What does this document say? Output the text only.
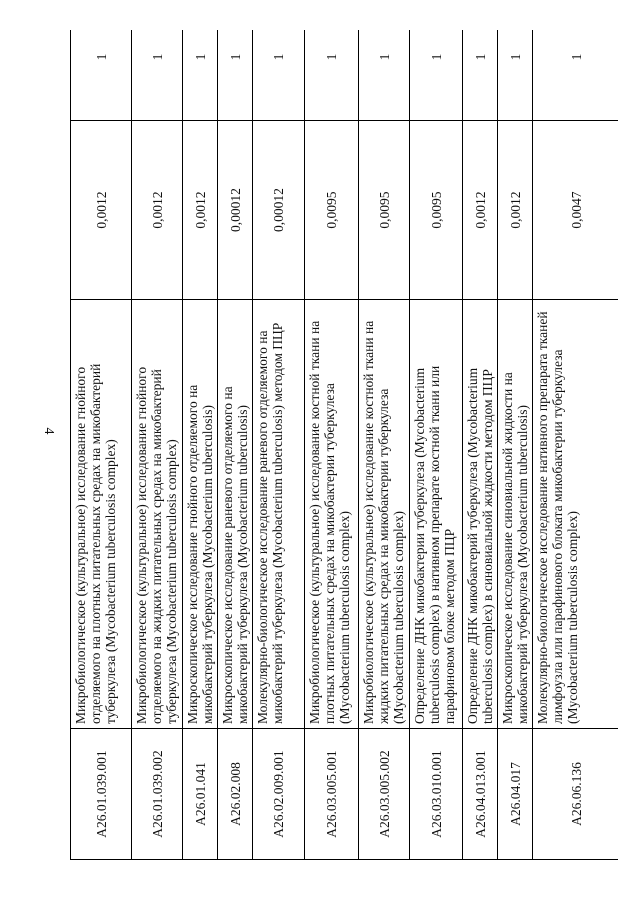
4
A26.01.039.001	Микробиологическое (культуральное) исследование гнойного отделяемого на плотных питательных средах на микобактерий туберкулеза (Mycobacterium tuberculosis complex)	0,0012	1
A26.01.039.002	Микробиологическое (культуральное) исследование гнойного отделяемого на жидких питательных средах на микобактерий туберкулеза (Mycobacterium tuberculosis complex)	0,0012	1
A26.01.041	Микроскопическое исследование гнойного отделяемого на микобактерий туберкулеза (Mycobacterium tuberculosis)	0,0012	1
A26.02.008	Микроскопическое исследование раневого отделяемого на микобактерий туберкулеза (Mycobacterium tuberculosis)	0,00012	1
A26.02.009.001	Молекулярно-биологическое исследование раневого отделяемого на микобактерий туберкулеза (Mycobacterium tuberculosis) методом ПЦР	0,00012	1
A26.03.005.001	Микробиологическое (культуральное) исследование костной ткани на плотных питательных средах на микобактерии туберкулеза (Mycobacterium tuberculosis complex)	0,0095	1
A26.03.005.002	Микробиологическое (культуральное) исследование костной ткани на жидких питательных средах на микобактерии туберкулеза (Mycobacterium tuberculosis complex)	0,0095	1
A26.03.010.001	Определение ДНК микобактерии туберкулеза (Mycobacterium tuberculosis complex) в нативном препарате костной ткани или парафиновом блоке методом ПЦР	0,0095	1
A26.04.013.001	Определение ДНК микобактерий туберкулеза (Mycobacterium tuberculosis complex) в синовиальной жидкости методом ПЦР	0,0012	1
A26.04.017	Микроскопическое исследование синовиальной жидкости на микобактерий туберкулеза (Mycobacterium tuberculosis)	0,0012	1
A26.06.136	Молекулярно-биологическое исследование нативного препарата тканей лимфоузла или парафинового блоката микобактерии туберкулеза (Mycobacterium tuberculosis complex)	0,0047	1
